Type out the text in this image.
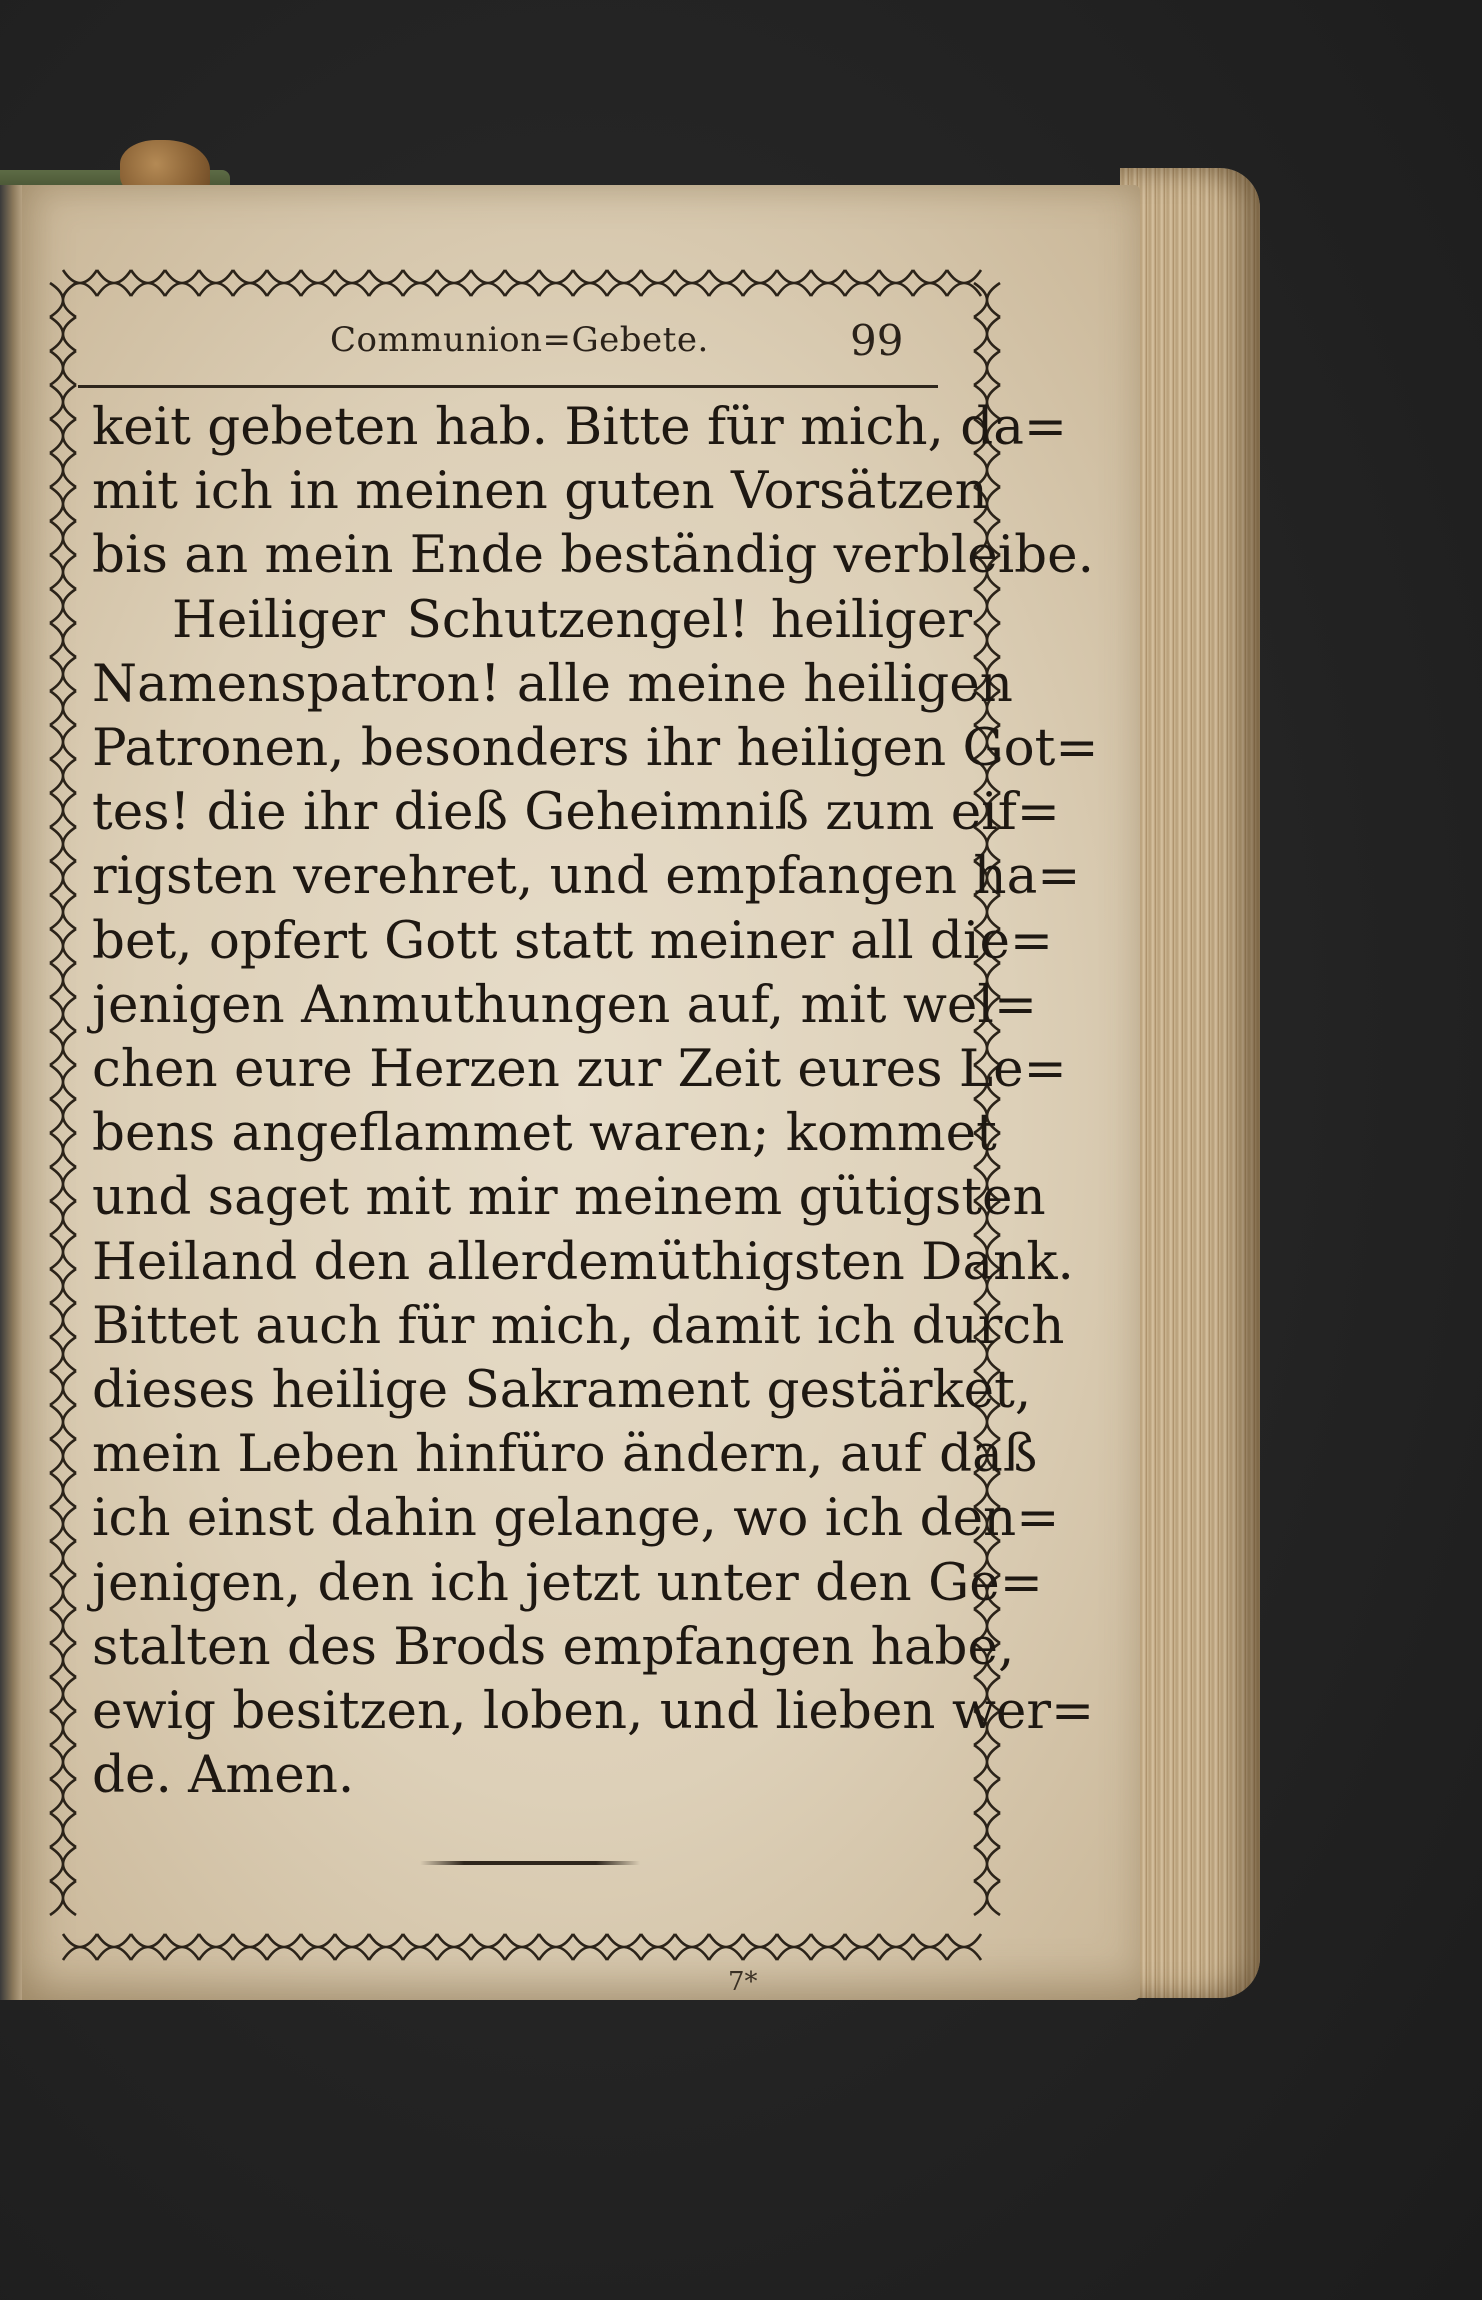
Communion=Gebete.	99
keit gebeten hab. Bitte für mich, da=
mit ich in meinen guten Vorsätzen
bis an mein Ende beständig verbleibe.
Heiliger Schutzengel! heiliger
Namenspatron! alle meine heiligen
Patronen, besonders ihr heiligen Got=
tes! die ihr dieß Geheimniß zum eif=
rigsten verehret, und empfangen ha=
bet, opfert Gott statt meiner all die=
jenigen Anmuthungen auf, mit wel=
chen eure Herzen zur Zeit eures Le=
bens angeflammet waren; kommet
und saget mit mir meinem gütigsten
Heiland den allerdemüthigsten Dank.
Bittet auch für mich, damit ich durch
dieses heilige Sakrament gestärket,
mein Leben hinfüro ändern, auf daß
ich einst dahin gelange, wo ich den=
jenigen, den ich jetzt unter den Ge=
stalten des Brods empfangen habe,
ewig besitzen, loben, und lieben wer=
de. Amen.
7*
